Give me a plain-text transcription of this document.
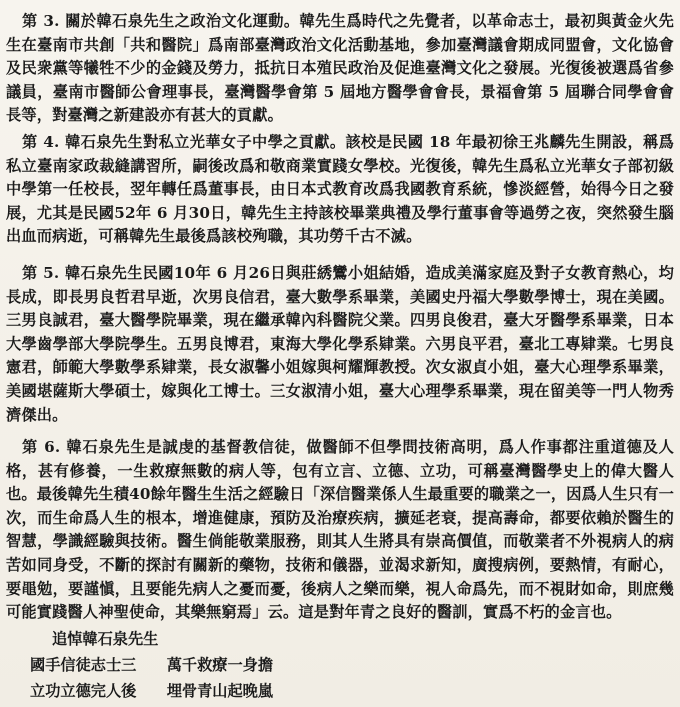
第 3. 關於韓石泉先生之政治文化運動。韓先生爲時代之先覺者，以革命志士，最初與黃金火先生在臺南市共創「共和醫院」爲南部臺灣政治文化活動基地，參加臺灣議會期成同盟會，文化協會及民衆黨等犧牲不少的金錢及勞力，抵抗日本殖民政治及促進臺灣文化之發展。光復後被選爲省參議員，臺南市醫師公會理事長，臺灣醫學會第 5 屆地方醫學會會長，景福會第 5 屆聯合同學會會長等，對臺灣之新建設亦有甚大的貢獻。

第 4. 韓石泉先生對私立光華女子中學之貢獻。該校是民國 18 年最初徐王兆麟先生開設，稱爲私立臺南家政裁縫講習所，嗣後改爲和敬商業實踐女學校。光復後，韓先生爲私立光華女子部初級中學第一任校長，翌年轉任爲董事長，由日本式教育改爲我國教育系統，慘淡經營，始得今日之發展，尤其是民國52年 6 月30日，韓先生主持該校畢業典禮及學行董事會等過勞之夜，突然發生腦出血而病逝，可稱韓先生最後爲該校殉職，其功勞千古不滅。

第 5. 韓石泉先生民國10年 6 月26日與莊綉鸞小姐結婚，造成美滿家庭及對子女教育熱心，均長成，即長男良哲君早逝，次男良信君，臺大數學系畢業，美國史丹福大學數學博士，現在美國。三男良誠君，臺大醫學院畢業，現在繼承韓內科醫院父業。四男良俊君，臺大牙醫學系畢業，日本大學齒學部大學院學生。五男良博君，東海大學化學系肄業。六男良平君，臺北工專肄業。七男良憲君，師範大學數學系肄業，長女淑馨小姐嫁與柯耀輝教授。次女淑貞小姐，臺大心理學系畢業，美國堪薩斯大學碩士，嫁與化工博士。三女淑清小姐，臺大心理學系畢業，現在留美等一門人物秀濟傑出。

第 6. 韓石泉先生是誠虔的基督教信徒，做醫師不但學問技術高明，爲人作事都注重道德及人格，甚有修養，一生救療無數的病人等，包有立言、立德、立功，可稱臺灣醫學史上的偉大醫人也。最後韓先生積40餘年醫生生活之經驗日「深信醫業係人生最重要的職業之一，因爲人生只有一次，而生命爲人生的根本，增進健康，預防及治療疾病，擴延老衰，提高壽命，都要依賴於醫生的智慧，學識經驗與技術。醫生倘能敬業服務，則其人生將具有崇高價值，而敬業者不外視病人的病苦如同身受，不斷的探討有關新的藥物，技術和儀器，並渴求新知，廣搜病例，要熱情，有耐心，要黽勉，要謹愼，且要能先病人之憂而憂，後病人之樂而樂，視人命爲先，而不視財如命，則庶幾可能實踐醫人神聖使命，其樂無窮焉」云。這是對年青之良好的醫訓，實爲不朽的金言也。

追悼韓石泉先生
國手信徒志士三　　萬千救療一身擔
立功立德完人後　　埋骨青山起晚嵐
